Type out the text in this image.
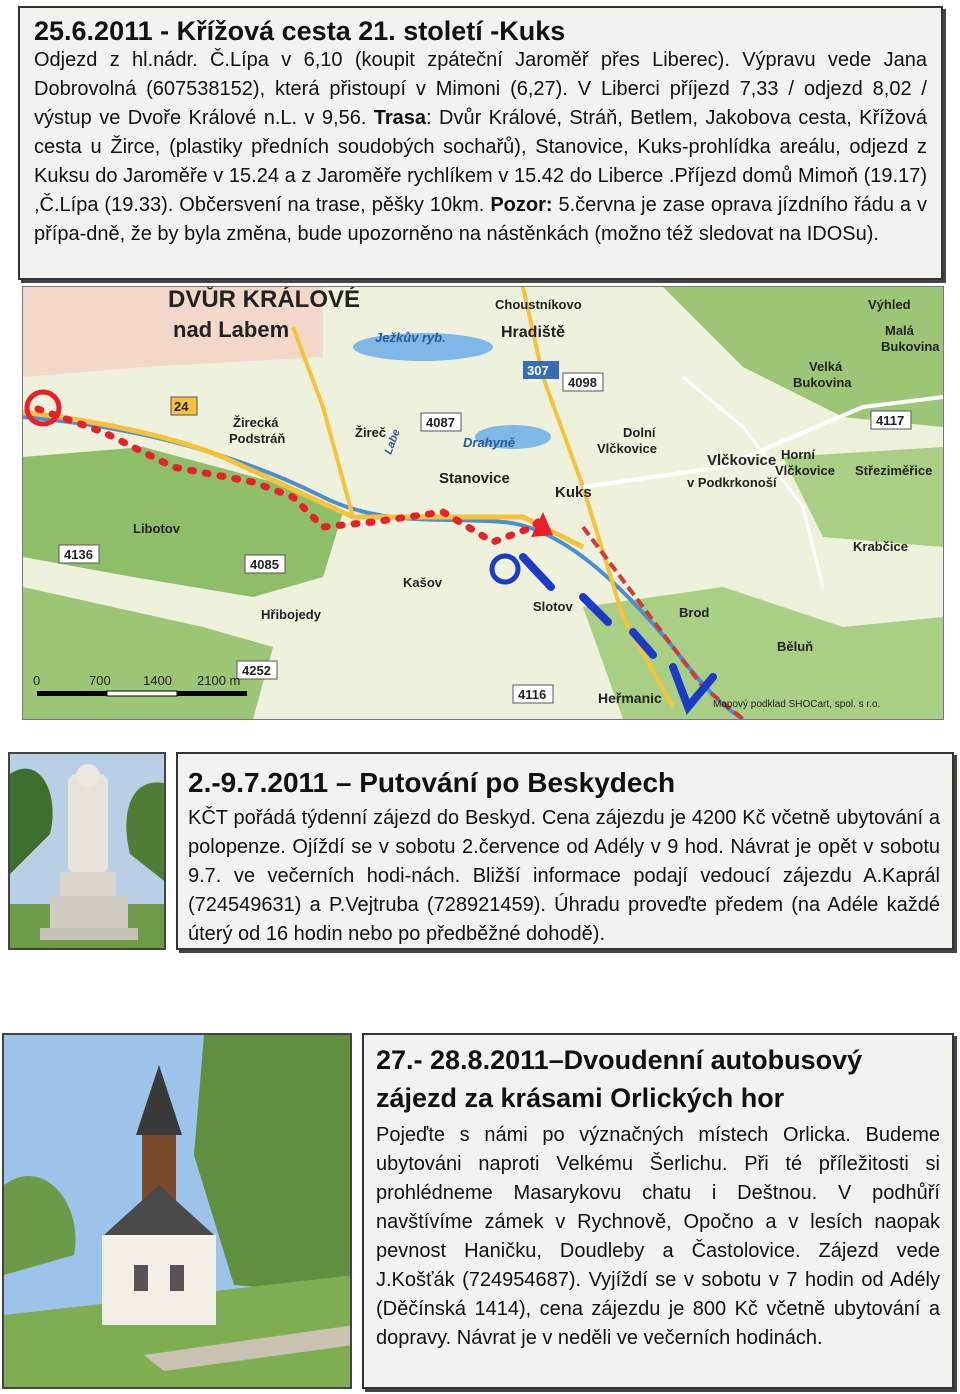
25.6.2011 - Křížová cesta 21. století -Kuks

Odjezd z hl.nádr. Č.Lípa v 6,10 (koupit zpáteční Jaroměř přes Liberec). Výpravu vede Jana Dobrovolná (607538152), která přistoupí v Mimoni (6,27). V Liberci příjezd 7,33 / odjezd 8,02 / výstup ve Dvoře Králové n.L. v 9,56. Trasa: Dvůr Králové, Stráň, Betlem, Jakobova cesta, Křížová cesta u Žirce, (plastiky předních soudobých sochařů), Stanovice, Kuks-prohlídka areálu, odjezd z Kuksu do Jaroměře v 15.24 a z Jaroměře rychlíkem v 15.42 do Liberce .Příjezd domů Mimoň (19.17) ,Č.Lípa (19.33). Občersvení na trase, pěšky 10km. Pozor: 5.června je zase oprava jízdního řádu a v přípa-dně, že by byla změna, bude upozorněno na nástěnkách (možno též sledovat na IDOSu).

24
307
4098
4087	4117
4136
4085
4252
4116
DVŮR KRÁLOVÉ
nad Labem
Choustníkovo
Hradiště
Výhled
Malá
Bukovina
Velká
Bukovina
Žirecká
Podstráň	Žireč
Drahyně
Ježkův ryb.
Dolní
Vlčkovice
Vlčkovice
v Podkrkonoší
Horní
Vlčkovice Střeziměřice
Stanovice
Kuks
Libotov
Kašov
Hřibojedy
Slotov	Brod
Krabčice
Běluň
Heřmanic
Labe
Mapový podklad SHOCart, spol. s r.o.
0	700 1400 2100 m
2.-9.7.2011 – Putování po Beskydech

KČT pořádá týdenní zájezd do Beskyd. Cena zájezdu je 4200 Kč včetně ubytování a polopenze. Ojíždí se v sobotu 2.července od Adély v 9 hod. Návrat je opět v sobotu 9.7. ve večerních hodi-nách. Bližší informace podají vedoucí zájezdu A.Kaprál (724549631) a P.Vejtruba (728921459). Úhradu proveďte předem (na Adéle každé úterý od 16 hodin nebo po předběžné dohodě).

27.- 28.8.2011–Dvoudenní autobusový
zájezd za krásami Orlických hor

Pojeďte s námi po význačných místech Orlicka. Budeme ubytováni naproti Velkému Šerlichu. Při té příležitosti si prohlédneme Masarykovu chatu i Deštnou. V podhůří navštívíme zámek v Rychnově, Opočno a v lesích naopak pevnost Haničku, Doudleby a Častolovice. Zájezd vede J.Košťák (724954687). Vyjíždí se v sobotu v 7 hodin od Adély (Děčínská 1414), cena zájezdu je 800 Kč včetně ubytování a dopravy. Návrat je v neděli ve večerních hodinách.
